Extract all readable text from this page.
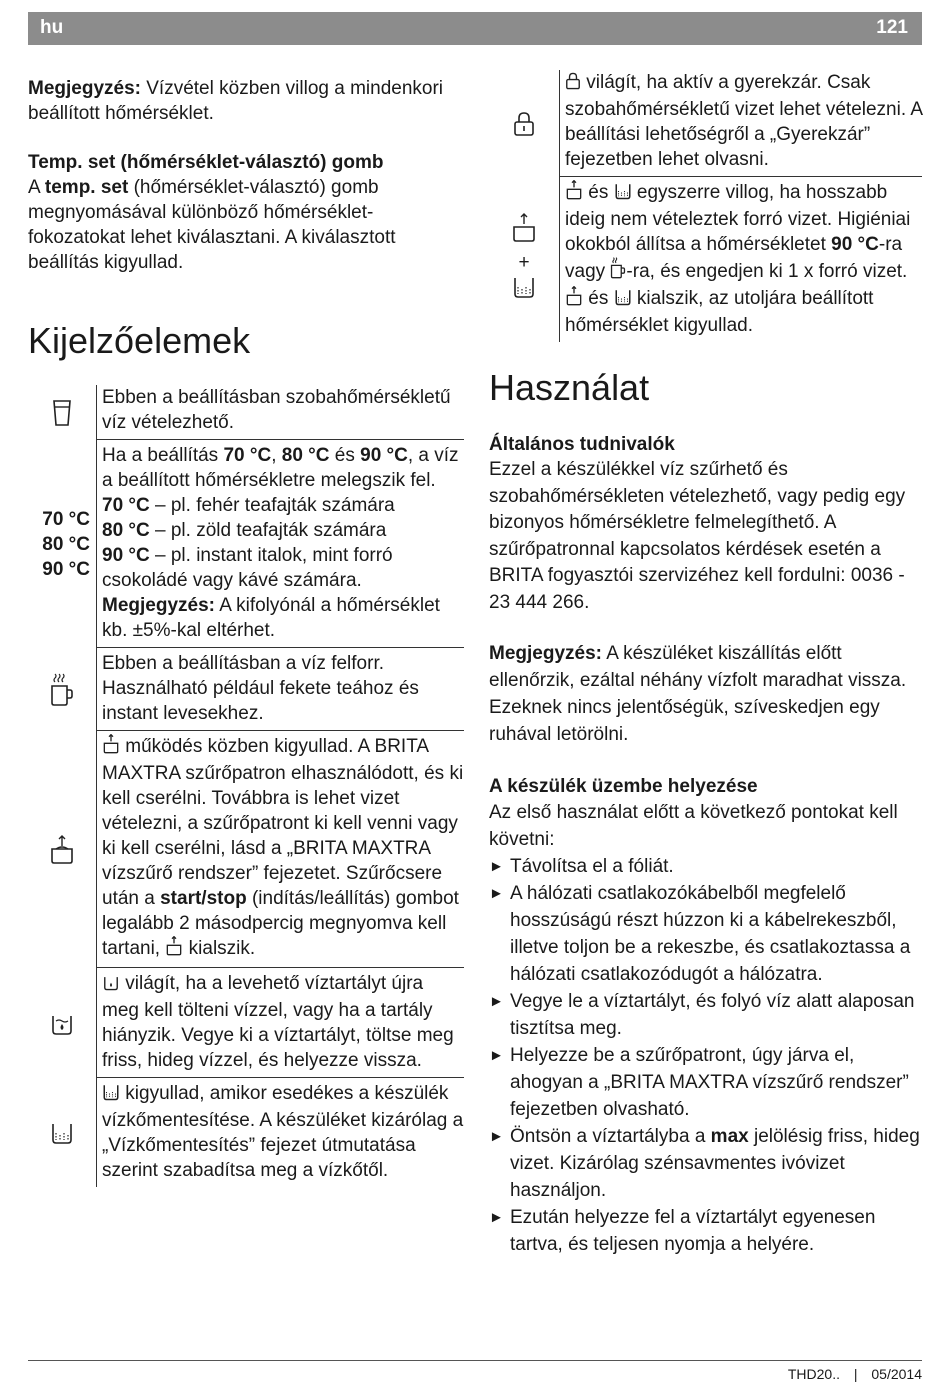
hu	121

Megjegyzés: Vízvétel közben villog a mindenkori beállított hőmérséklet.

Temp. set (hőmérséklet-választó) gomb

A temp. set (hőmérséklet-választó) gomb megnyomásával különböző hőmérséklet-fokozatokat lehet kiválasztani. A kiválasztott beállítás kigyullad.

Kijelzőelemek
Ebben a beállításban szobahőmérsékletű víz vételezhető.
70 °C
80 °C
90 °C
Ha a beállítás 70 °C, 80 °C és 90 °C, a víz a beállított hőmérsékletre melegszik fel.
70 °C – pl. fehér teafajták számára
80 °C – pl. zöld teafajták számára
90 °C – pl. instant italok, mint forró csokoládé vagy kávé számára.
Megjegyzés: A kifolyónál a hőmérséklet kb. ±5%-kal eltérhet.
Ebben a beállításban a víz felforr. Használható például fekete teához és instant levesekhez.
működés közben kigyullad. A BRITA MAXTRA szűrőpatron elhasználódott, és ki kell cserélni. Továbbra is lehet vizet vételezni, a szűrőpatront ki kell venni vagy ki kell cserélni, lásd a „BRITA MAXTRA vízszűrő rendszer” fejezetet. Szűrőcsere után a start/stop (indítás/leállítás) gombot legalább 2 másodpercig megnyomva kell tartani,  kialszik.
világít, ha a levehető víztartályt újra meg kell tölteni vízzel, vagy ha a tartály hiányzik. Vegye ki a víztartályt, töltse meg friss, hideg vízzel, és helyezze vissza.
kigyullad, amikor esedékes a készülék vízkőmentesítése. A készüléket kizárólag a „Vízkőmentesítés” fejezet útmutatása szerint szabadítsa meg a vízkőtől.
világít, ha aktív a gyerekzár. Csak szobahőmérsékletű vizet lehet vételezni. A beállítási lehetőségről a „Gyerekzár” fejezetben lehet olvasni.
+
és  egyszerre villog, ha hosszabb ideig nem vételeztek forró vizet. Higiéniai okokból állítsa a hőmérsékletet 90 °C-ra vagy -ra, és engedjen ki 1 x forró vizet.  és  kialszik, az utoljára beállított hőmérséklet kigyullad.
Használat
Általános tudnivalók

Ezzel a készülékkel víz szűrhető és szobahőmérsékleten vételezhető, vagy pedig egy bizonyos hőmérsékletre felmelegíthető. A szűrőpatronnal kapcsolatos kérdések esetén a BRITA fogyasztói szervizéhez kell fordulni: 0036 - 23 444 266.

Megjegyzés: A készüléket kiszállítás előtt ellenőrzik, ezáltal néhány vízfolt maradhat vissza. Ezeknek nincs jelentőségük, szíveskedjen egy ruhával letörölni.

A készülék üzembe helyezése

Az első használat előtt a következő pontokat kell követni:

► Távolítsa el a fóliát.
► A hálózati csatlakozókábelből megfelelő hosszúságú részt húzzon ki a kábelrekeszből, illetve toljon be a rekeszbe, és csatlakoztassa a hálózati csatlakozódugót a hálózatra.
► Vegye le a víztartályt, és folyó víz alatt alaposan tisztítsa meg.
► Helyezze be a szűrőpatront, úgy járva el, ahogyan a „BRITA MAXTRA vízszűrő rendszer” fejezetben olvasható.
► Öntsön a víztartályba a max jelölésig friss, hideg vizet. Kizárólag szénsavmentes ivóvizet használjon.
► Ezután helyezze fel a víztartályt egyenesen tartva, és teljesen nyomja a helyére.
THD20.. | 05/2014
